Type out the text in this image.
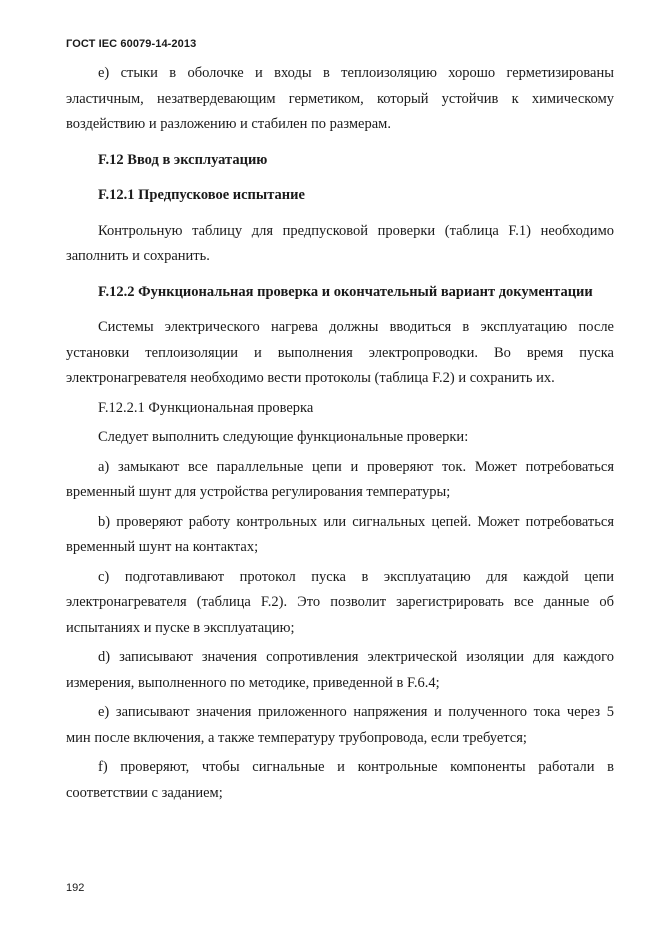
ГОСТ IEC 60079-14-2013

е) стыки в оболочке и входы в теплоизоляцию хорошо герметизированы эластичным, незатвердевающим герметиком, который устойчив к химическому воздействию и разложению и стабилен по размерам.

F.12 Ввод в эксплуатацию

F.12.1 Предпусковое испытание

Контрольную таблицу для предпусковой проверки (таблица F.1) необходимо заполнить и сохранить.

F.12.2 Функциональная проверка и окончательный вариант документации

Системы электрического нагрева должны вводиться в эксплуатацию после установки теплоизоляции и выполнения электропроводки. Во время пуска электронагревателя необходимо вести протоколы (таблица F.2) и сохранить их.

F.12.2.1 Функциональная проверка

Следует выполнить следующие функциональные проверки:

а) замыкают все параллельные цепи и проверяют ток. Может потребоваться временный шунт для устройства регулирования температуры;

b) проверяют работу контрольных или сигнальных цепей. Может потребоваться временный шунт на контактах;

с) подготавливают протокол пуска в эксплуатацию для каждой цепи электронагревателя (таблица F.2). Это позволит зарегистрировать все данные об испытаниях и пуске в эксплуатацию;

d) записывают значения сопротивления электрической изоляции для каждого измерения, выполненного по методике, приведенной в F.6.4;

е) записывают значения приложенного напряжения и полученного тока через 5 мин после включения, а также температуру трубопровода, если требуется;

f) проверяют, чтобы сигнальные и контрольные компоненты работали в соответствии с заданием;

192
